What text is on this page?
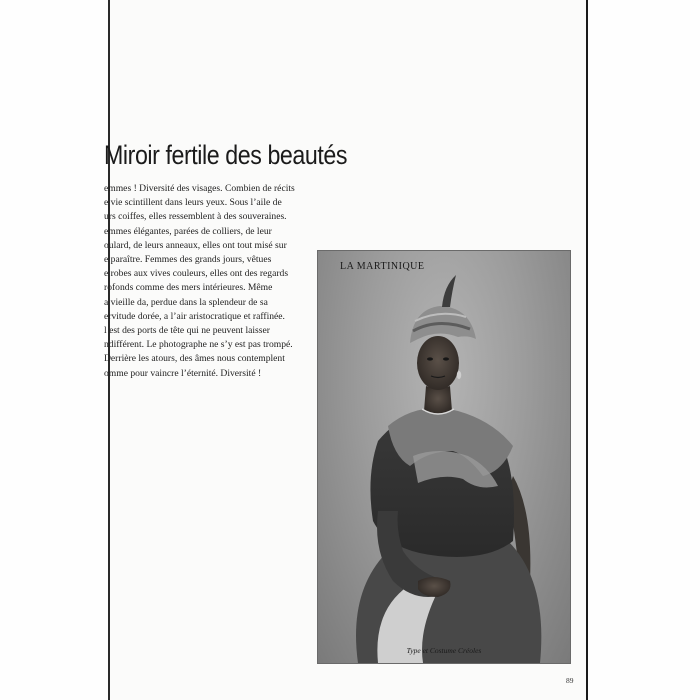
Miroir fertile des beautés
emmes ! Diversité des visages. Combien de récits
e vie scintillent dans leurs yeux. Sous l’aile de
urs coiffes, elles ressemblent à des souveraines.
emmes élégantes, parées de colliers, de leur
oulard, de leurs anneaux, elles ont tout misé sur
e paraître. Femmes des grands jours, vêtues
e robes aux vives couleurs, elles ont des regards
rofonds comme des mers intérieures. Même
a vieille da, perdue dans la splendeur de sa
ervitude dorée, a l’air aristocratique et raffinée.
l est des ports de tête qui ne peuvent laisser
ndifférent. Le photographe ne s’y est pas trompé.
Derrière les atours, des âmes nous contemplent
omme pour vaincre l’éternité. Diversité !
LA MARTINIQUE
Type et Costume Créoles
89
